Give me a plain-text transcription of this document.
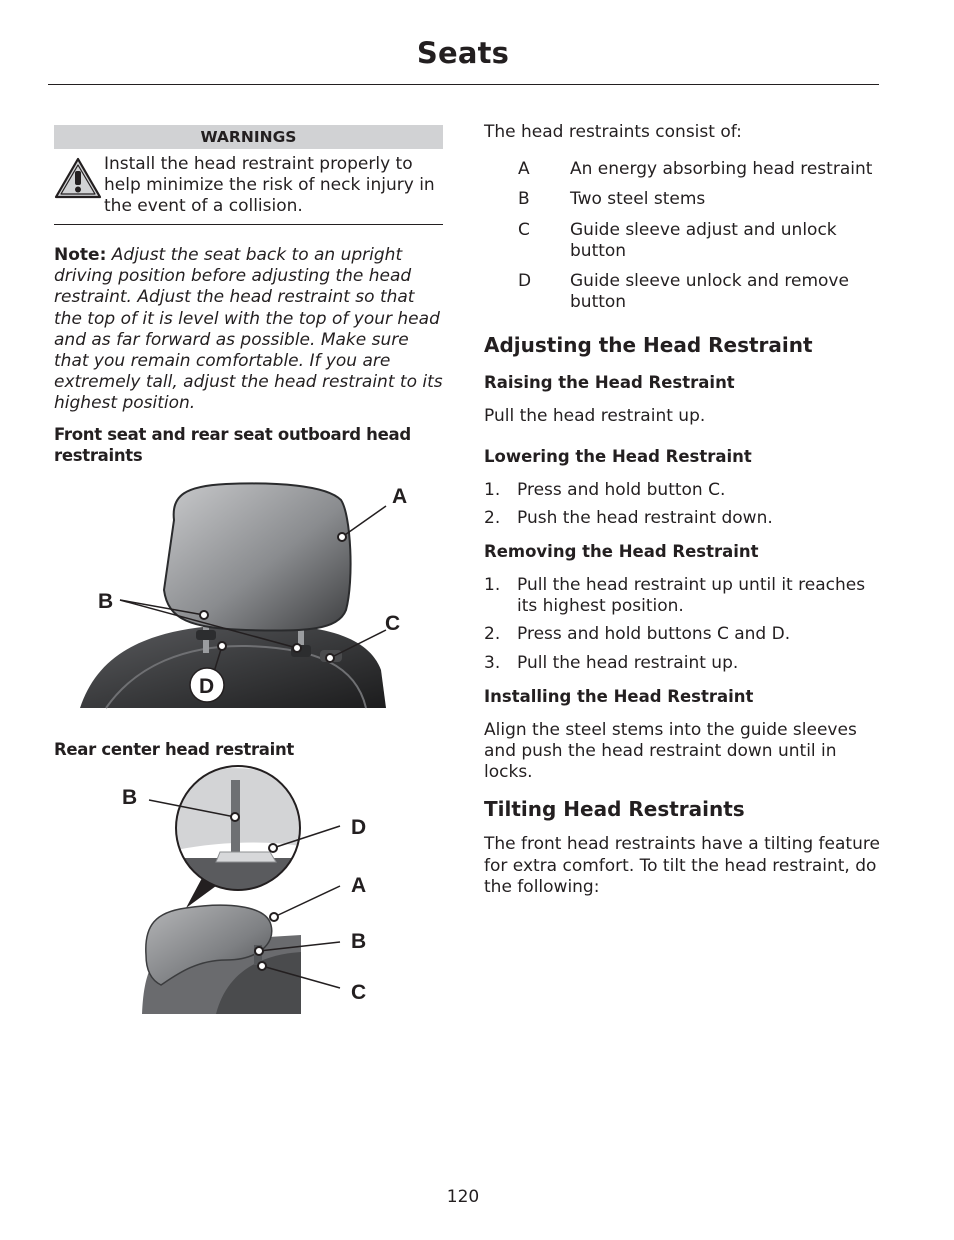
Seats
WARNINGS
Install the head restraint properly to help minimize the risk of neck injury in the event of a collision.
Note: Adjust the seat back to an upright driving position before adjusting the head restraint. Adjust the head restraint so that the top of it is level with the top of your head and as far forward as possible. Make sure that you remain comfortable. If you are extremely tall, adjust the head restraint to its highest position.
Front seat and rear seat outboard head restraints
A
B
C
D
Rear center head restraint
B
D
A
B
C
The head restraints consist of:
A	An energy absorbing head restraint
B	Two steel stems
C	Guide sleeve adjust and unlock button
D	Guide sleeve unlock and remove button
Adjusting the Head Restraint
Raising the Head Restraint
Pull the head restraint up.
Lowering the Head Restraint
1. Press and hold button C.
2. Push the head restraint down.
Removing the Head Restraint
1. Pull the head restraint up until it reaches its highest position.
2. Press and hold buttons C and D.
3. Pull the head restraint up.
Installing the Head Restraint
Align the steel stems into the guide sleeves and push the head restraint down until in locks.
Tilting Head Restraints
The front head restraints have a tilting feature for extra comfort. To tilt the head restraint, do the following:
120
